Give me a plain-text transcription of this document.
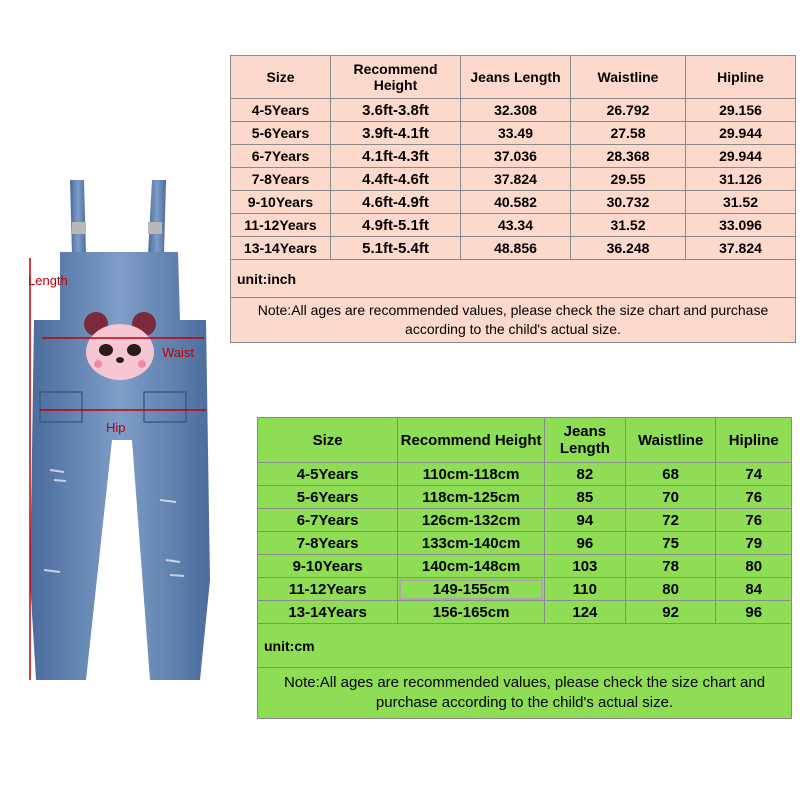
Length
Waist
Hip
Size	Recommend Height	Jeans Length	Waistline	Hipline
4-5Years	3.6ft-3.8ft	32.308	26.792	29.156
5-6Years	3.9ft-4.1ft	33.49	27.58	29.944
6-7Years	4.1ft-4.3ft	37.036	28.368	29.944
7-8Years	4.4ft-4.6ft	37.824	29.55	31.126
9-10Years	4.6ft-4.9ft	40.582	30.732	31.52
11-12Years	4.9ft-5.1ft	43.34	31.52	33.096
13-14Years	5.1ft-5.4ft	48.856	36.248	37.824
unit:inch				
Note:All ages are recommended values, please check the size chart and purchase according to the child's actual size.				
Size	Recommend Height	Jeans Length	Waistline	Hipline
4-5Years	110cm-118cm	82	68	74
5-6Years	118cm-125cm	85	70	76
6-7Years	126cm-132cm	94	72	76
7-8Years	133cm-140cm	96	75	79
9-10Years	140cm-148cm	103	78	80
11-12Years	149-155cm	110	80	84
13-14Years	156-165cm	124	92	96
unit:cm				
Note:All ages are recommended values, please check the size chart and purchase according to the child's actual size.				
